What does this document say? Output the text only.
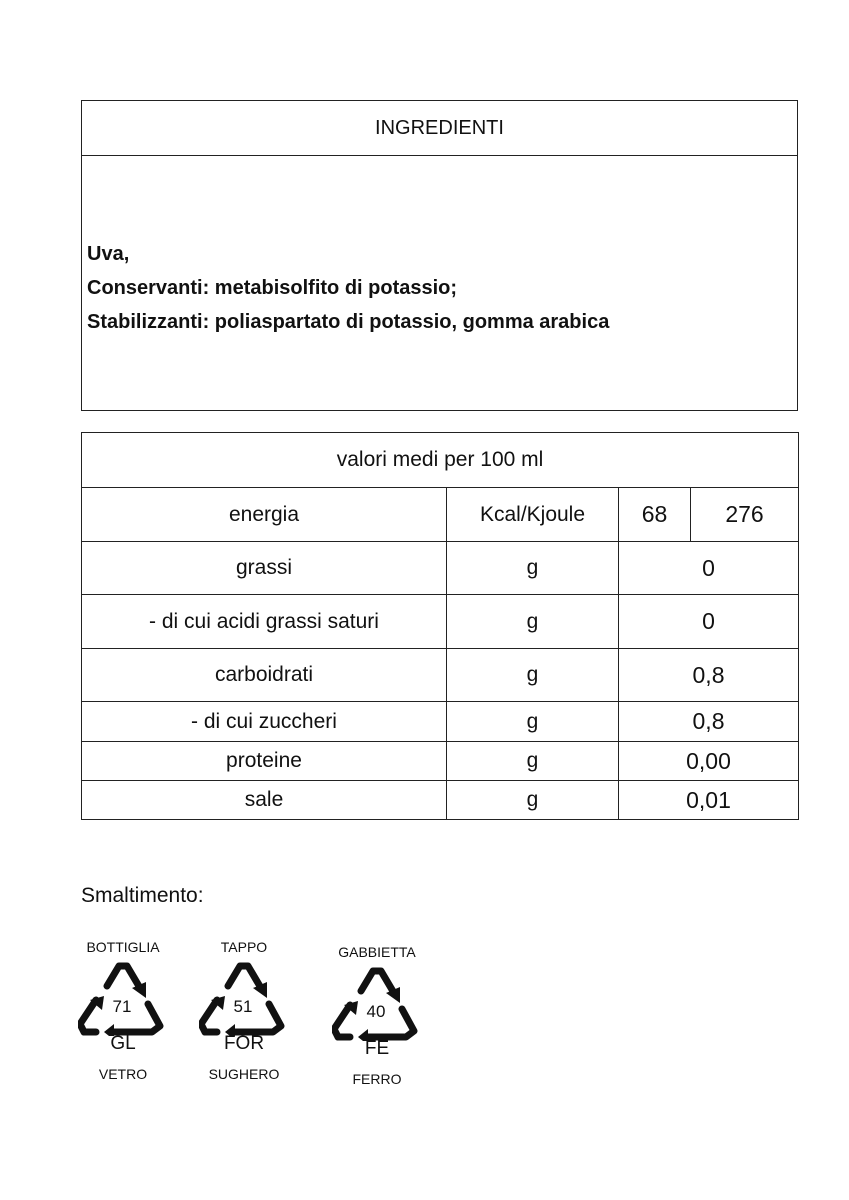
INGREDIENTI
Uva,
Conservanti: metabisolfito di potassio;
Stabilizzanti: poliaspartato di potassio, gomma arabica
valori medi per 100 ml			
energia	Kcal/Kjoule	68	276
grassi	g	0	
- di cui acidi grassi saturi	g	0	
carboidrati	g	0,8	
- di cui zuccheri	g	0,8	
proteine	g	0,00	
sale	g	0,01	
Smaltimento:
BOTTIGLIA
71
GL
VETRO
TAPPO
51
FOR
SUGHERO
GABBIETTA
40
FE
FERRO
